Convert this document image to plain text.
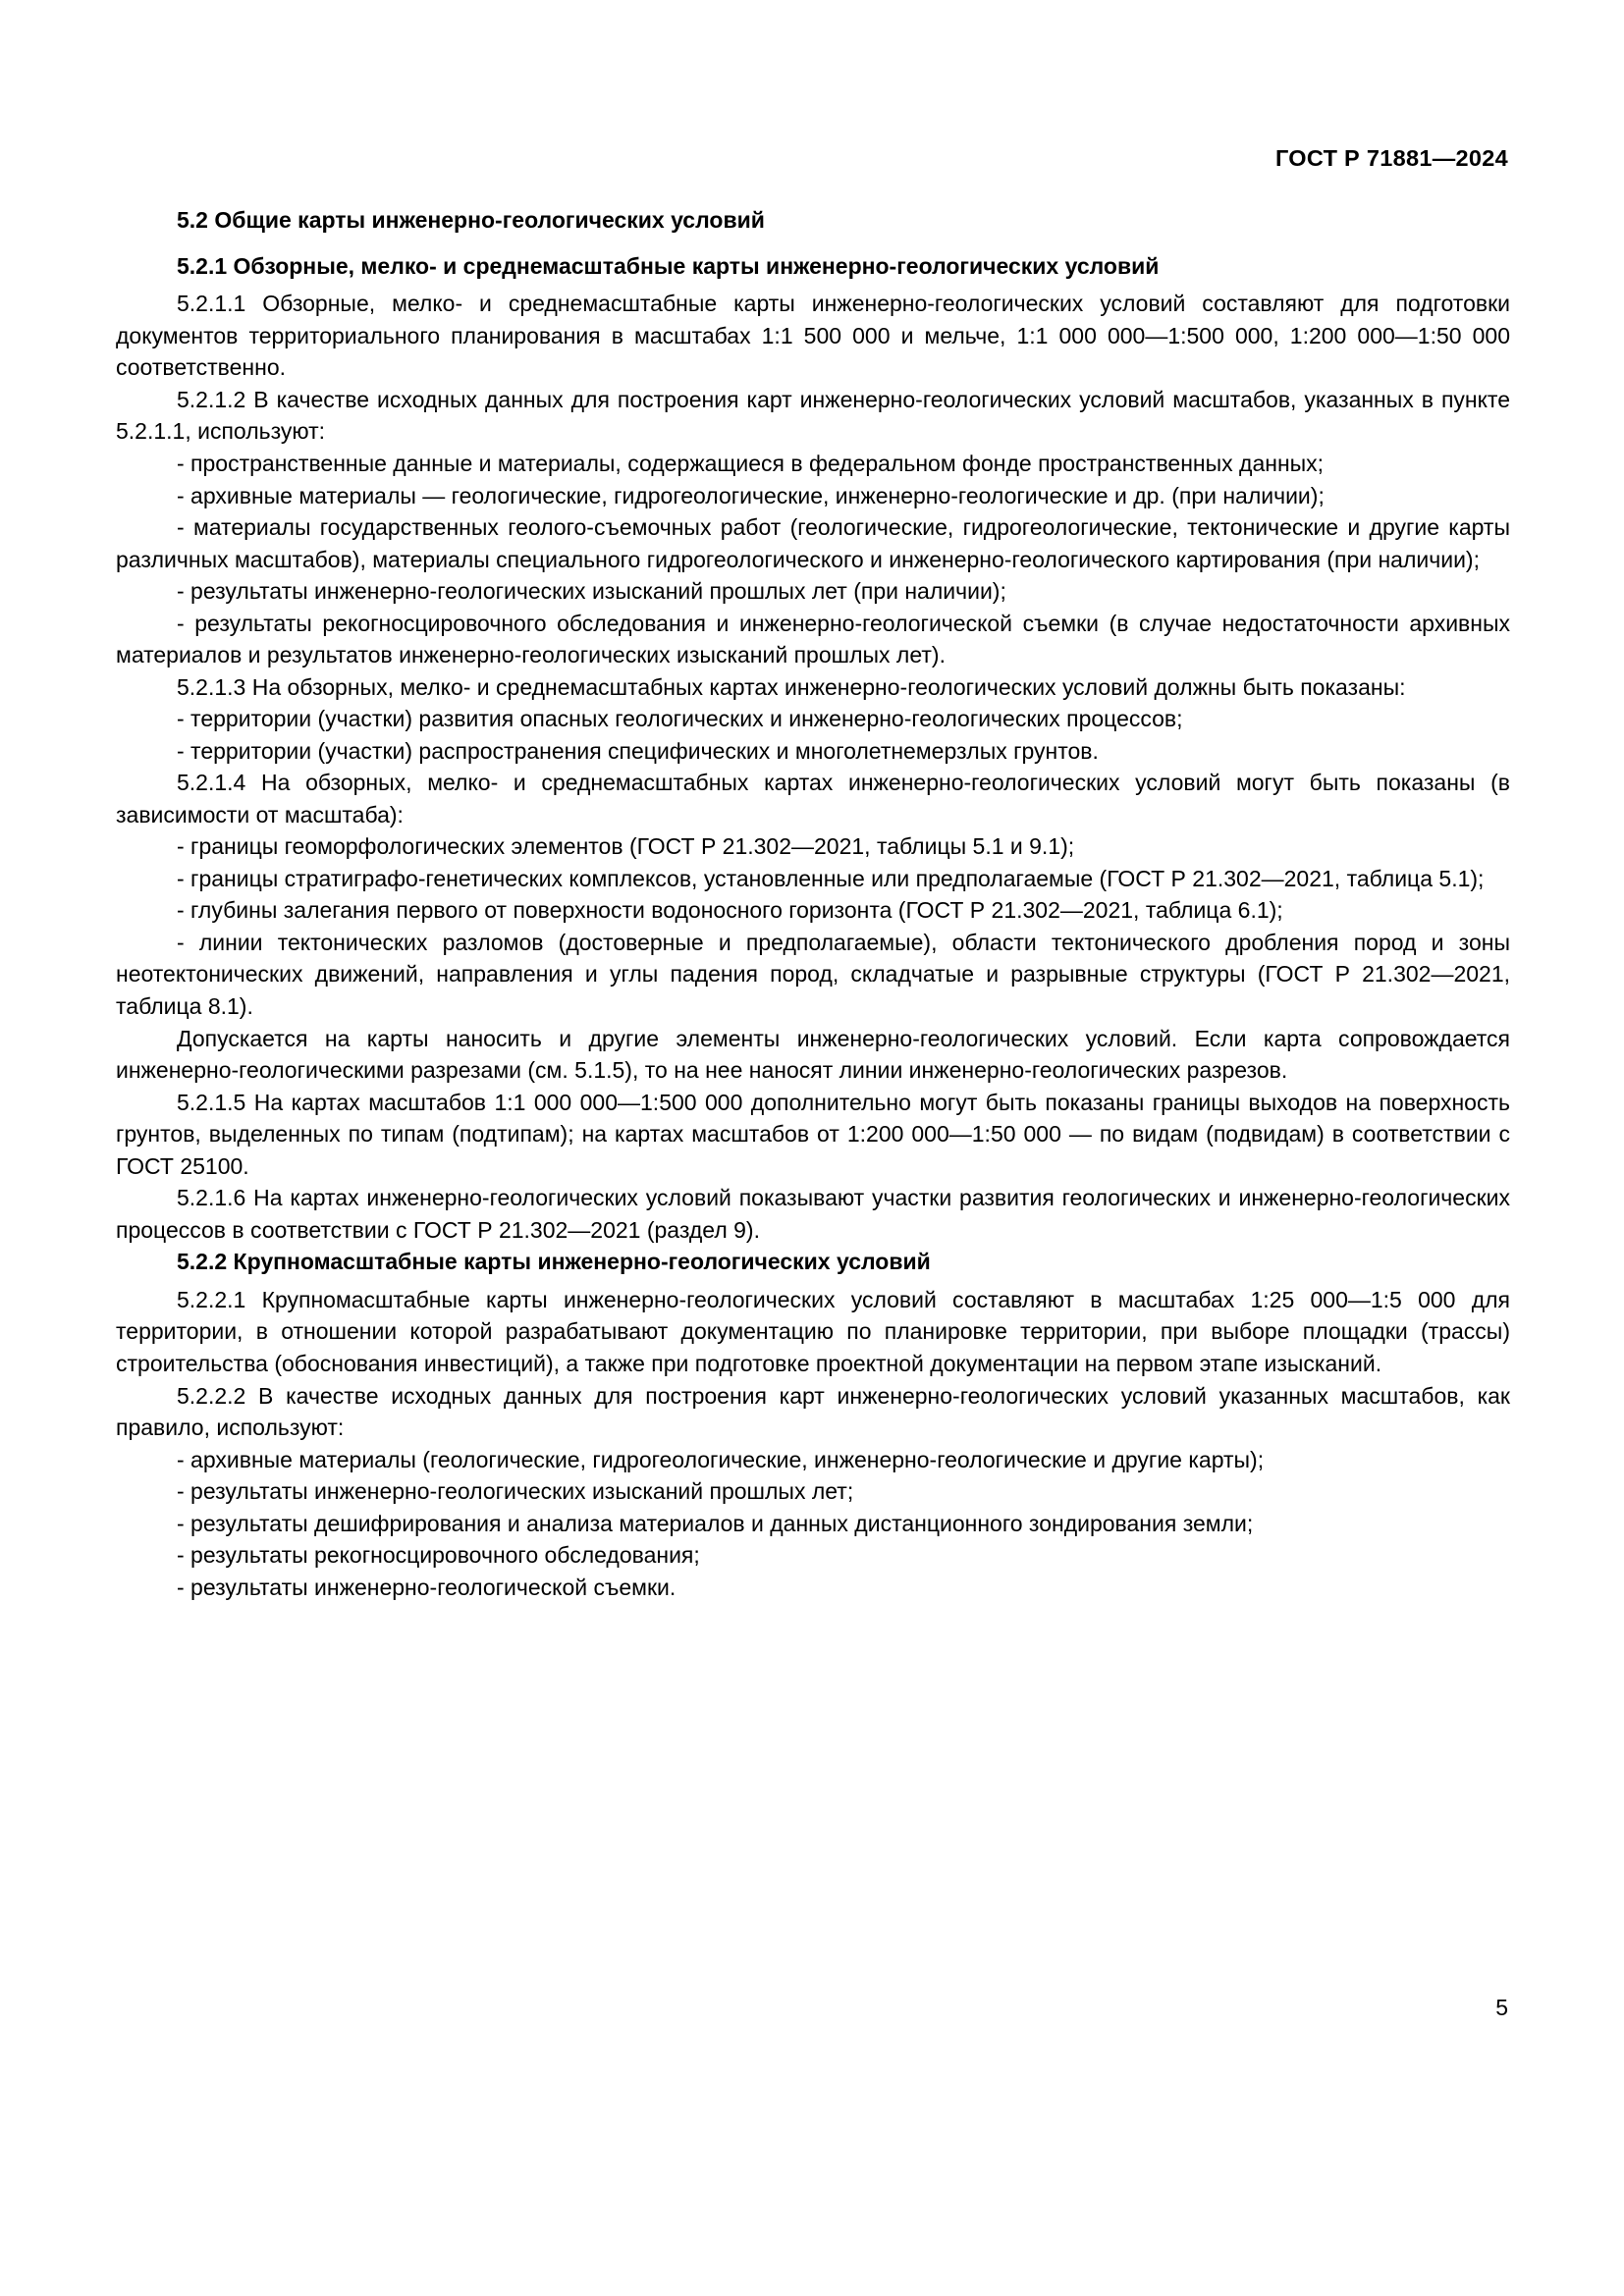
ГОСТ Р 71881—2024
5.2 Общие карты инженерно-геологических условий
5.2.1 Обзорные, мелко- и среднемасштабные карты инженерно-геологических условий

5.2.1.1 Обзорные, мелко- и среднемасштабные карты инженерно-геологических условий составляют для подготовки документов территориального планирования в масштабах 1:1 500 000 и мельче, 1:1 000 000—1:500 000, 1:200 000—1:50 000 соответственно.

5.2.1.2 В качестве исходных данных для построения карт инженерно-геологических условий масштабов, указанных в пункте 5.2.1.1, используют:

- пространственные данные и материалы, содержащиеся в федеральном фонде пространственных данных;

- архивные материалы — геологические, гидрогеологические, инженерно-геологические и др. (при наличии);

- материалы государственных геолого-съемочных работ (геологические, гидрогеологические, тектонические и другие карты различных масштабов), материалы специального гидрогеологического и инженерно-геологического картирования (при наличии);

- результаты инженерно-геологических изысканий прошлых лет (при наличии);

- результаты рекогносцировочного обследования и инженерно-геологической съемки (в случае недостаточности архивных материалов и результатов инженерно-геологических изысканий прошлых лет).

5.2.1.3 На обзорных, мелко- и среднемасштабных картах инженерно-геологических условий должны быть показаны:

- территории (участки) развития опасных геологических и инженерно-геологических процессов;

- территории (участки) распространения специфических и многолетнемерзлых грунтов.

5.2.1.4 На обзорных, мелко- и среднемасштабных картах инженерно-геологических условий могут быть показаны (в зависимости от масштаба):

- границы геоморфологических элементов (ГОСТ Р 21.302—2021, таблицы 5.1 и 9.1);

- границы стратиграфо-генетических комплексов, установленные или предполагаемые (ГОСТ Р 21.302—2021, таблица 5.1);

- глубины залегания первого от поверхности водоносного горизонта (ГОСТ Р 21.302—2021, таблица 6.1);

- линии тектонических разломов (достоверные и предполагаемые), области тектонического дробления пород и зоны неотектонических движений, направления и углы падения пород, складчатые и разрывные структуры (ГОСТ Р 21.302—2021, таблица 8.1).

Допускается на карты наносить и другие элементы инженерно-геологических условий. Если карта сопровождается инженерно-геологическими разрезами (см. 5.1.5), то на нее наносят линии инженерно-геологических разрезов.

5.2.1.5 На картах масштабов 1:1 000 000—1:500 000 дополнительно могут быть показаны границы выходов на поверхность грунтов, выделенных по типам (подтипам); на картах масштабов от 1:200 000—1:50 000 — по видам (подвидам) в соответствии с ГОСТ 25100.

5.2.1.6 На картах инженерно-геологических условий показывают участки развития геологических и инженерно-геологических процессов в соответствии с ГОСТ Р 21.302—2021 (раздел 9).

5.2.2 Крупномасштабные карты инженерно-геологических условий

5.2.2.1 Крупномасштабные карты инженерно-геологических условий составляют в масштабах 1:25 000—1:5 000 для территории, в отношении которой разрабатывают документацию по планировке территории, при выборе площадки (трассы) строительства (обоснования инвестиций), а также при подготовке проектной документации на первом этапе изысканий.

5.2.2.2 В качестве исходных данных для построения карт инженерно-геологических условий указанных масштабов, как правило, используют:

- архивные материалы (геологические, гидрогеологические, инженерно-геологические и другие карты);

- результаты инженерно-геологических изысканий прошлых лет;

- результаты дешифрирования и анализа материалов и данных дистанционного зондирования земли;

- результаты рекогносцировочного обследования;

- результаты инженерно-геологической съемки.

5
